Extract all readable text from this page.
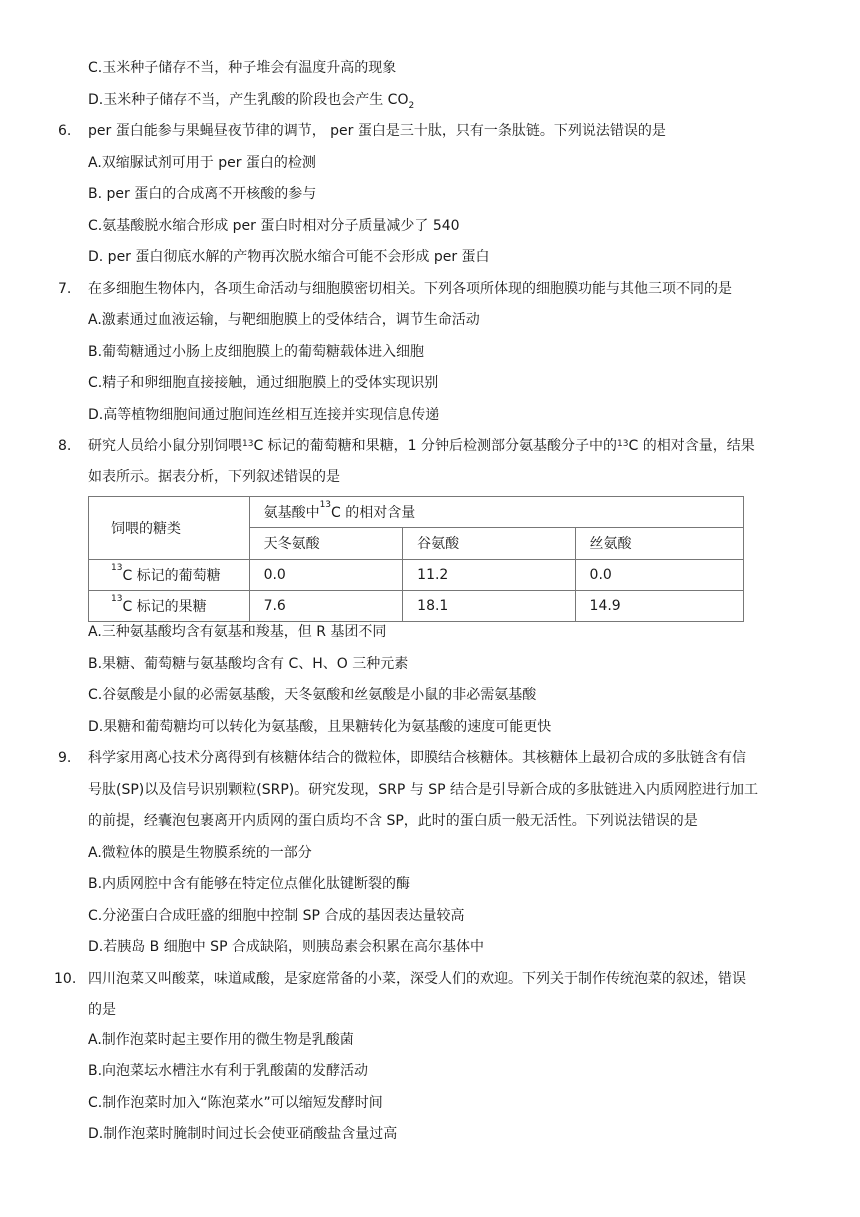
C.玉米种子储存不当，种子堆会有温度升高的现象
D.玉米种子储存不当，产生乳酸的阶段也会产生 $CO_2$
6. per 蛋白能参与果蝇昼夜节律的调节， per 蛋白是三十肽，只有一条肽链。下列说法错误的是
A.双缩脲试剂可用于 per 蛋白的检测
B. per 蛋白的合成离不开核酸的参与
C.氨基酸脱水缩合形成 per 蛋白时相对分子质量减少了 540
D. per 蛋白彻底水解的产物再次脱水缩合可能不会形成 per 蛋白
7. 在多细胞生物体内，各项生命活动与细胞膜密切相关。下列各项所体现的细胞膜功能与其他三项不同的是
A.激素通过血液运输，与靶细胞膜上的受体结合，调节生命活动
B.葡萄糖通过小肠上皮细胞膜上的葡萄糖载体进入细胞
C.精子和卵细胞直接接触，通过细胞膜上的受体实现识别
D.高等植物细胞间通过胞间连丝相互连接并实现信息传递
8. 研究人员给小鼠分别饲喂$^{13}$C 标记的葡萄糖和果糖，1 分钟后检测部分氨基酸分子中的$^{13}$C 的相对含量，结果
如表所示。据表分析，下列叙述错误的是
饲喂的糖类	氨基酸中$^{13}$C 的相对含量		
	天冬氨酸	谷氨酸	丝氨酸
$^{13}$C 标记的葡萄糖	0.0	11.2	0.0
$^{13}$C 标记的果糖	7.6	18.1	14.9
A.三种氨基酸均含有氨基和羧基，但 R 基团不同
B.果糖、葡萄糖与氨基酸均含有 C、H、O 三种元素
C.谷氨酸是小鼠的必需氨基酸，天冬氨酸和丝氨酸是小鼠的非必需氨基酸
D.果糖和葡萄糖均可以转化为氨基酸，且果糖转化为氨基酸的速度可能更快
9. 科学家用离心技术分离得到有核糖体结合的微粒体，即膜结合核糖体。其核糖体上最初合成的多肽链含有信
号肽(SP)以及信号识别颗粒(SRP)。研究发现，SRP 与 SP 结合是引导新合成的多肽链进入内质网腔进行加工
的前提，经囊泡包裹离开内质网的蛋白质均不含 SP，此时的蛋白质一般无活性。下列说法错误的是
A.微粒体的膜是生物膜系统的一部分
B.内质网腔中含有能够在特定位点催化肽键断裂的酶
C.分泌蛋白合成旺盛的细胞中控制 SP 合成的基因表达量较高
D.若胰岛 B 细胞中 SP 合成缺陷，则胰岛素会积累在高尔基体中
10. 四川泡菜又叫酸菜，味道咸酸，是家庭常备的小菜，深受人们的欢迎。下列关于制作传统泡菜的叙述，错误
的是
A.制作泡菜时起主要作用的微生物是乳酸菌
B.向泡菜坛水槽注水有利于乳酸菌的发酵活动
C.制作泡菜时加入“陈泡菜水”可以缩短发酵时间
D.制作泡菜时腌制时间过长会使亚硝酸盐含量过高
